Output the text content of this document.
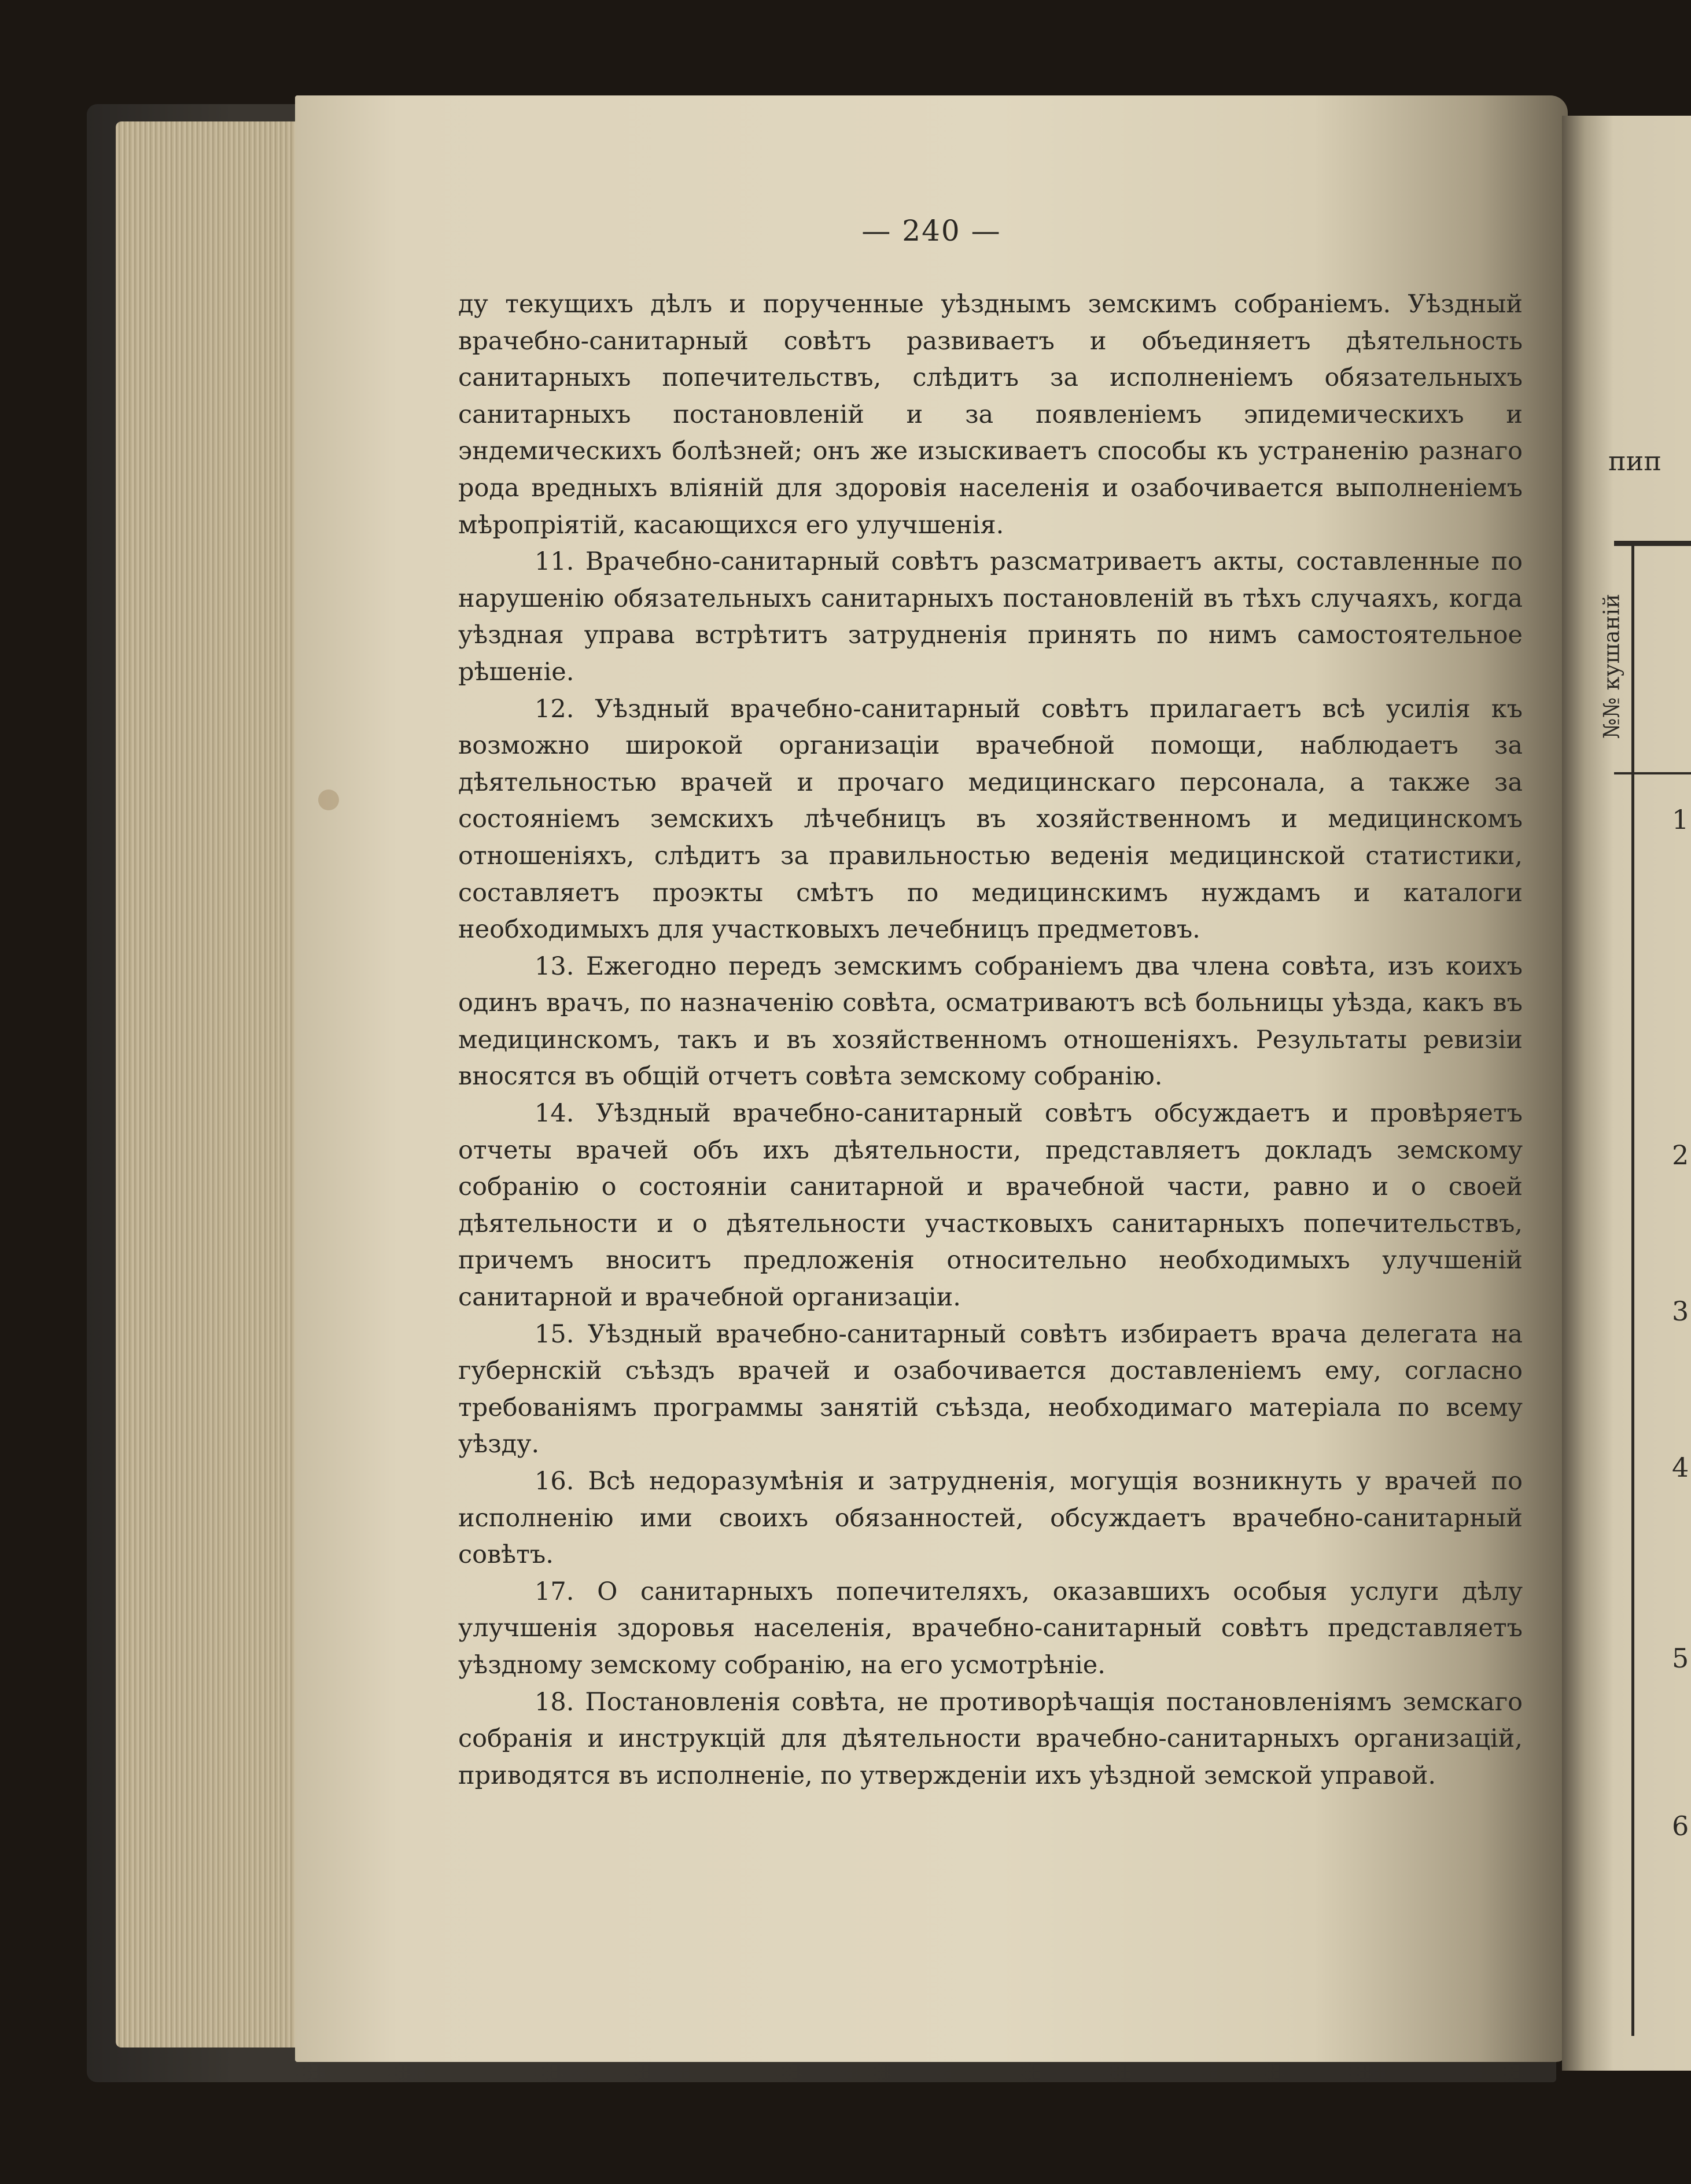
— 240 —

ду текущихъ дѣлъ и порученные уѣзднымъ земскимъ собраніемъ. Уѣздный врачебно-санитарный совѣтъ развиваетъ и объединяетъ дѣятельность санитарныхъ попечительствъ, слѣдитъ за исполненіемъ обязательныхъ санитарныхъ постановленій и за появленіемъ эпидемическихъ и эндемическихъ болѣзней; онъ же изыскиваетъ способы къ устраненію разнаго рода вредныхъ вліяній для здоровія населенія и озабочивается выполненіемъ мѣропріятій, касающихся его улучшенія.

11. Врачебно-санитарный совѣтъ разсматриваетъ акты, составленные по нарушенію обязательныхъ санитарныхъ постановленій въ тѣхъ случаяхъ, когда уѣздная управа встрѣтитъ затрудненія принять по нимъ самостоятельное рѣшеніе.

12. Уѣздный врачебно-санитарный совѣтъ прилагаетъ всѣ усилія къ возможно широкой организаціи врачебной помощи, наблюдаетъ за дѣятельностью врачей и прочаго медицинскаго персонала, а также за состояніемъ земскихъ лѣчебницъ въ хозяйственномъ и медицинскомъ отношеніяхъ, слѣдитъ за правильностью веденія медицинской статистики, составляетъ проэкты смѣтъ по медицинскимъ нуждамъ и каталоги необходимыхъ для участковыхъ лечебницъ предметовъ.

13. Ежегодно передъ земскимъ собраніемъ два члена совѣта, изъ коихъ одинъ врачъ, по назначенію совѣта, осматриваютъ всѣ больницы уѣзда, какъ въ медицинскомъ, такъ и въ хозяйственномъ отношеніяхъ. Результаты ревизіи вносятся въ общій отчетъ совѣта земскому собранію.

14. Уѣздный врачебно-санитарный совѣтъ обсуждаетъ и провѣряетъ отчеты врачей объ ихъ дѣятельности, представляетъ докладъ земскому собранію о состояніи санитарной и врачебной части, равно и о своей дѣятельности и о дѣятельности участковыхъ санитарныхъ попечительствъ, причемъ вноситъ предложенія относительно необходимыхъ улучшеній санитарной и врачебной организаціи.

15. Уѣздный врачебно-санитарный совѣтъ избираетъ врача делегата на губернскій съѣздъ врачей и озабочивается доставленіемъ ему, согласно требованіямъ программы занятій съѣзда, необходимаго матеріала по всему уѣзду.

16. Всѣ недоразумѣнія и затрудненія, могущія возникнуть у врачей по исполненію ими своихъ обязанностей, обсуждаетъ врачебно-санитарный совѣтъ.

17. О санитарныхъ попечителяхъ, оказавшихъ особыя услуги дѣлу улучшенія здоровья населенія, врачебно-санитарный совѣтъ представляетъ уѣздному земскому собранію, на его усмотрѣніе.

18. Постановленія совѣта, не противорѣчащія постановленіямъ земскаго собранія и инструкцій для дѣятельности врачебно-санитарныхъ организацій, приводятся въ исполненіе, по утвержденіи ихъ уѣздной земской управой.

пип
№№ кушаній
1
2
3
4
5
6
